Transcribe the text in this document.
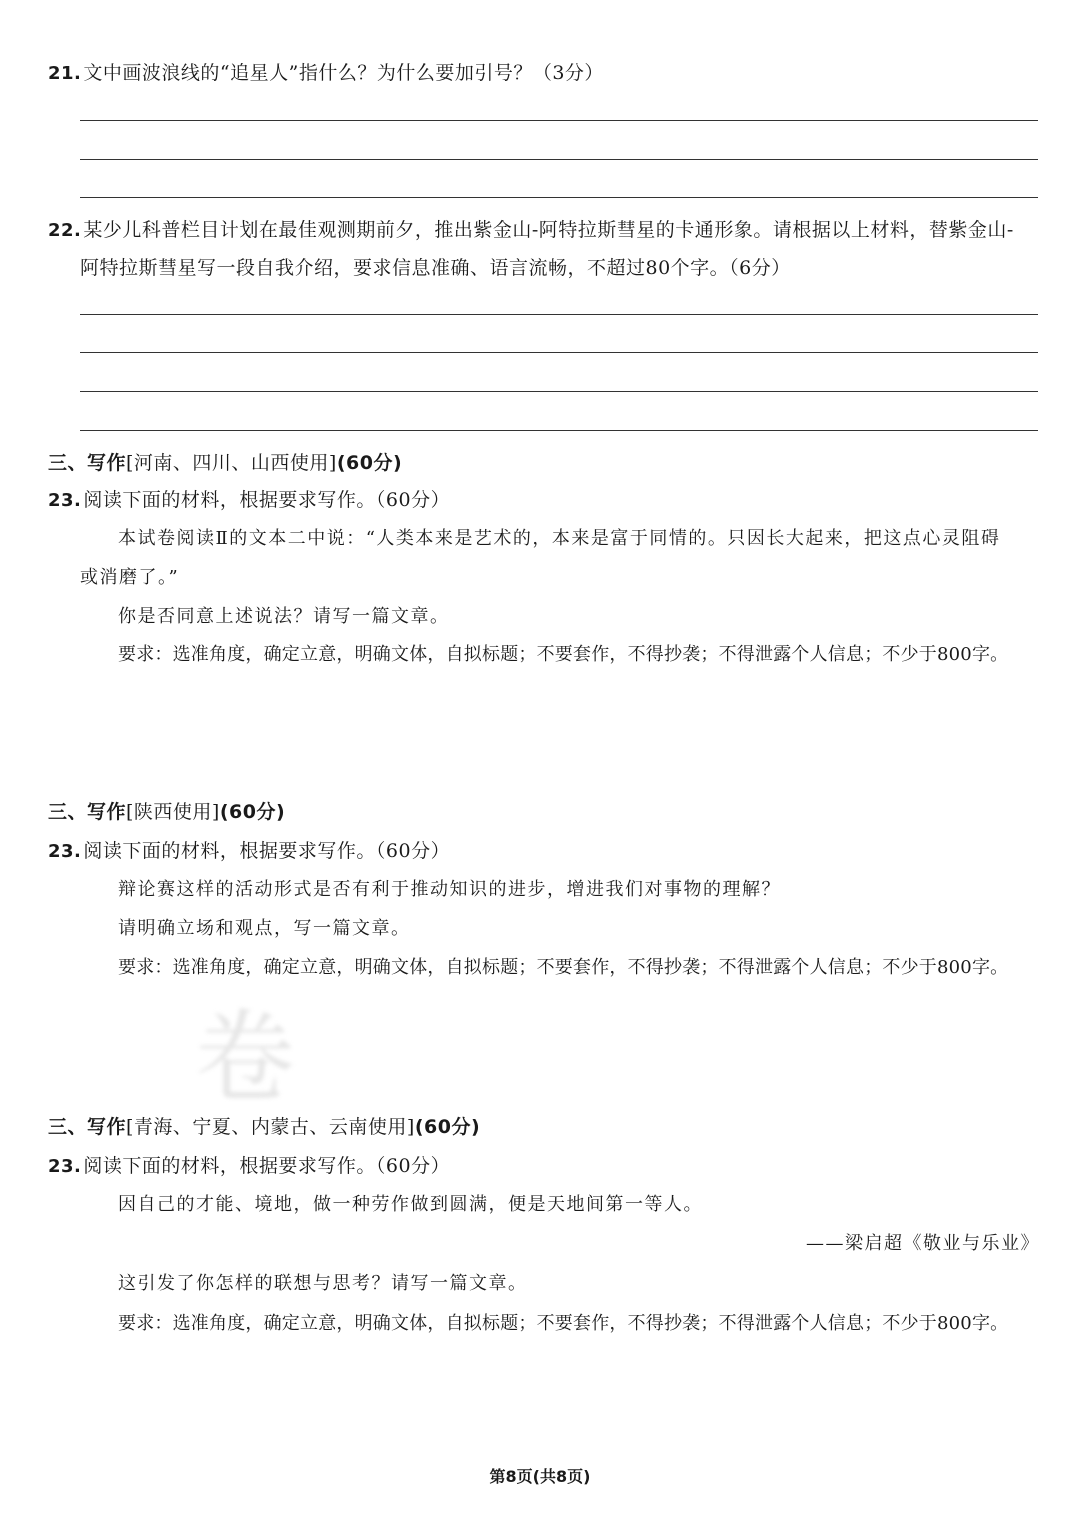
21. 文中画波浪线的“追星人”指什么？为什么要加引号？（3分）
22. 某少儿科普栏目计划在最佳观测期前夕，推出紫金山-阿特拉斯彗星的卡通形象。请根据以上材料，替紫金山-
阿特拉斯彗星写一段自我介绍，要求信息准确、语言流畅，不超过80个字。（6分）
三、写作[河南、四川、山西使用](60分)
23. 阅读下面的材料，根据要求写作。（60分）
本试卷阅读Ⅱ的文本二中说：“人类本来是艺术的，本来是富于同情的。只因长大起来，把这点心灵阻碍
或消磨了。”
你是否同意上述说法？请写一篇文章。
要求：选准角度，确定立意，明确文体，自拟标题；不要套作，不得抄袭；不得泄露个人信息；不少于800字。
三、写作[陕西使用](60分)
23. 阅读下面的材料，根据要求写作。（60分）
辩论赛这样的活动形式是否有利于推动知识的进步，增进我们对事物的理解？
请明确立场和观点，写一篇文章。
要求：选准角度，确定立意，明确文体，自拟标题；不要套作，不得抄袭；不得泄露个人信息；不少于800字。
卷
三、写作[青海、宁夏、内蒙古、云南使用](60分)
23. 阅读下面的材料，根据要求写作。（60分）
因自己的才能、境地，做一种劳作做到圆满，便是天地间第一等人。
——梁启超《敬业与乐业》
这引发了你怎样的联想与思考？请写一篇文章。
要求：选准角度，确定立意，明确文体，自拟标题；不要套作，不得抄袭；不得泄露个人信息；不少于800字。
第8页(共8页)
